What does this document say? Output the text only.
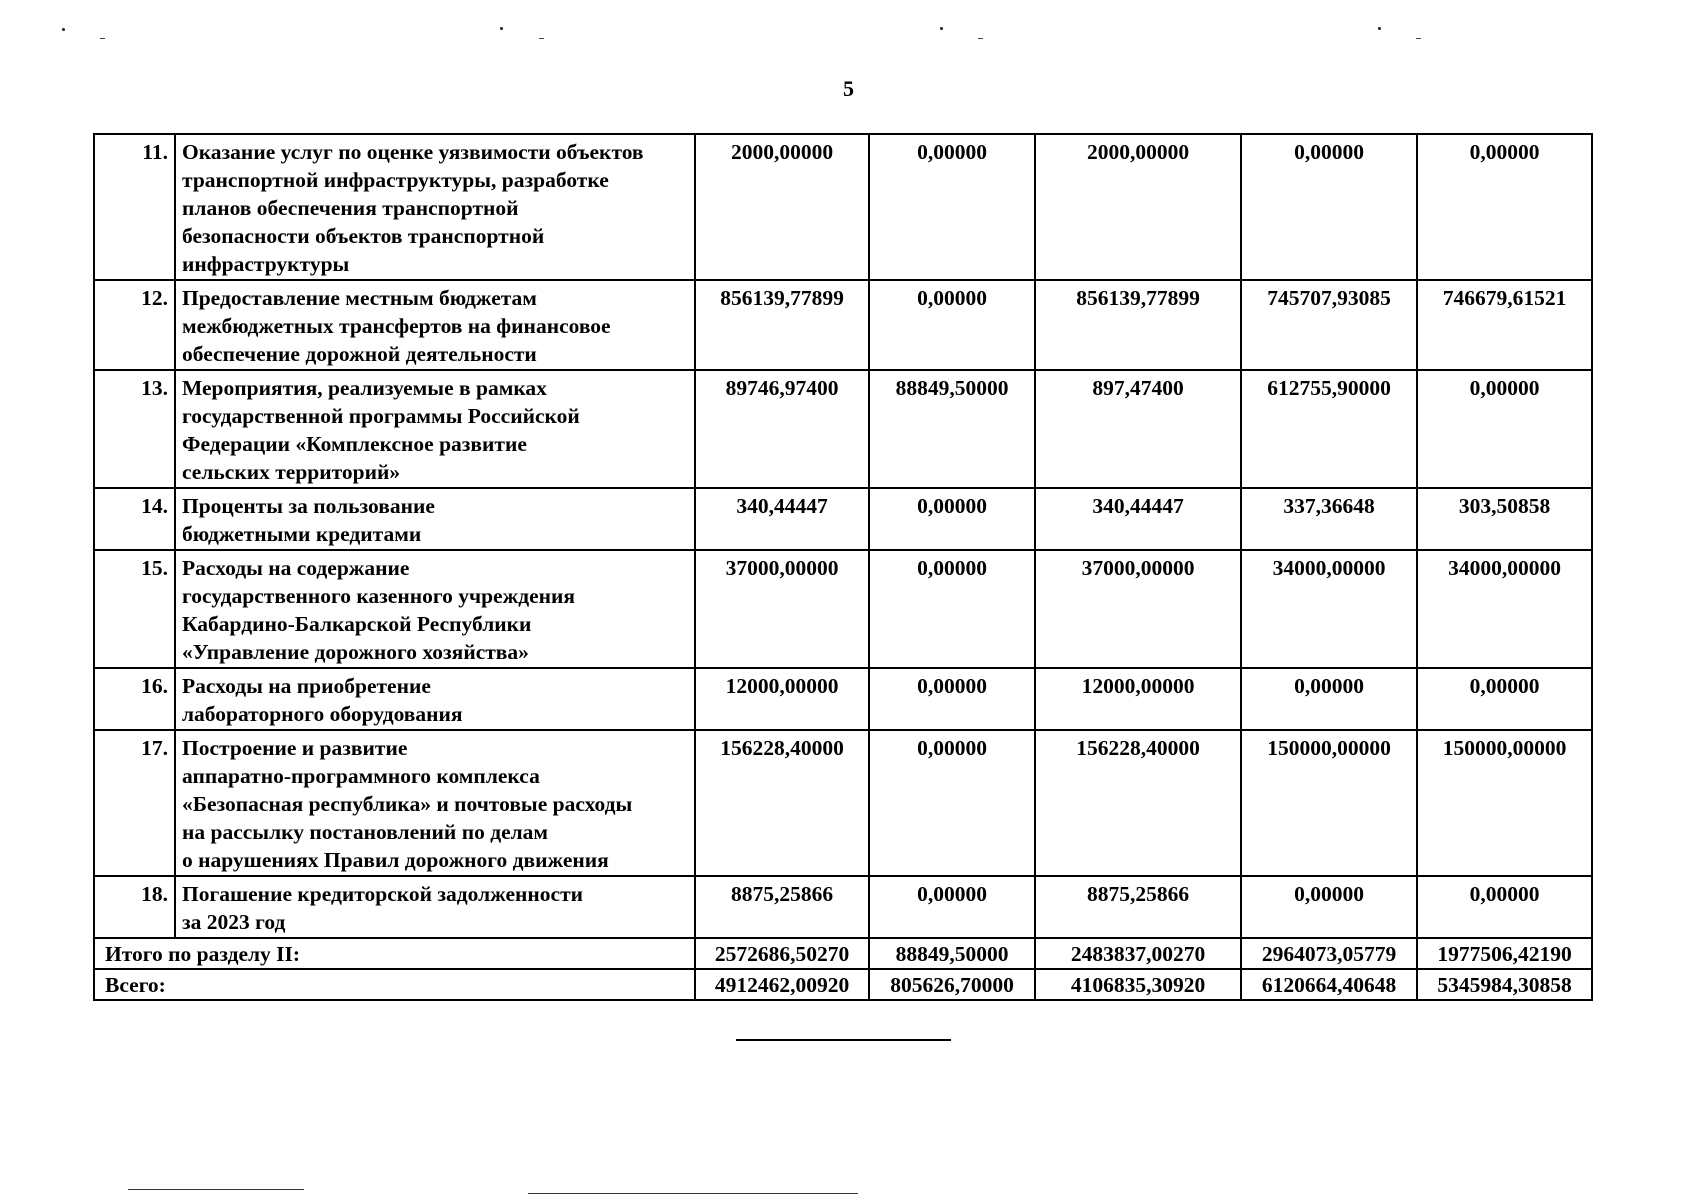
5
11.	Оказание услуг по оценке уязвимости объектов
транспортной инфраструктуры, разработке
планов обеспечения транспортной
безопасности объектов транспортной
инфраструктуры	2000,00000	0,00000	2000,00000	0,00000	0,00000
12.	Предоставление местным бюджетам
межбюджетных трансфертов на финансовое
обеспечение дорожной деятельности	856139,77899	0,00000	856139,77899	745707,93085	746679,61521
13.	Мероприятия, реализуемые в рамках
государственной программы Российской
Федерации «Комплексное развитие
сельских территорий»	89746,97400	88849,50000	897,47400	612755,90000	0,00000
14.	Проценты за пользование
бюджетными кредитами	340,44447	0,00000	340,44447	337,36648	303,50858
15.	Расходы на содержание
государственного казенного учреждения
Кабардино-Балкарской Республики
«Управление дорожного хозяйства»	37000,00000	0,00000	37000,00000	34000,00000	34000,00000
16.	Расходы на приобретение
лабораторного оборудования	12000,00000	0,00000	12000,00000	0,00000	0,00000
17.	Построение и развитие
аппаратно-программного комплекса
«Безопасная республика» и почтовые расходы
на рассылку постановлений по делам
о нарушениях Правил дорожного движения	156228,40000	0,00000	156228,40000	150000,00000	150000,00000
18.	Погашение кредиторской задолженности
за 2023 год	8875,25866	0,00000	8875,25866	0,00000	0,00000
Итого по разделу II:		2572686,50270	88849,50000	2483837,00270	2964073,05779	1977506,42190
Всего:		4912462,00920	805626,70000	4106835,30920	6120664,40648	5345984,30858
